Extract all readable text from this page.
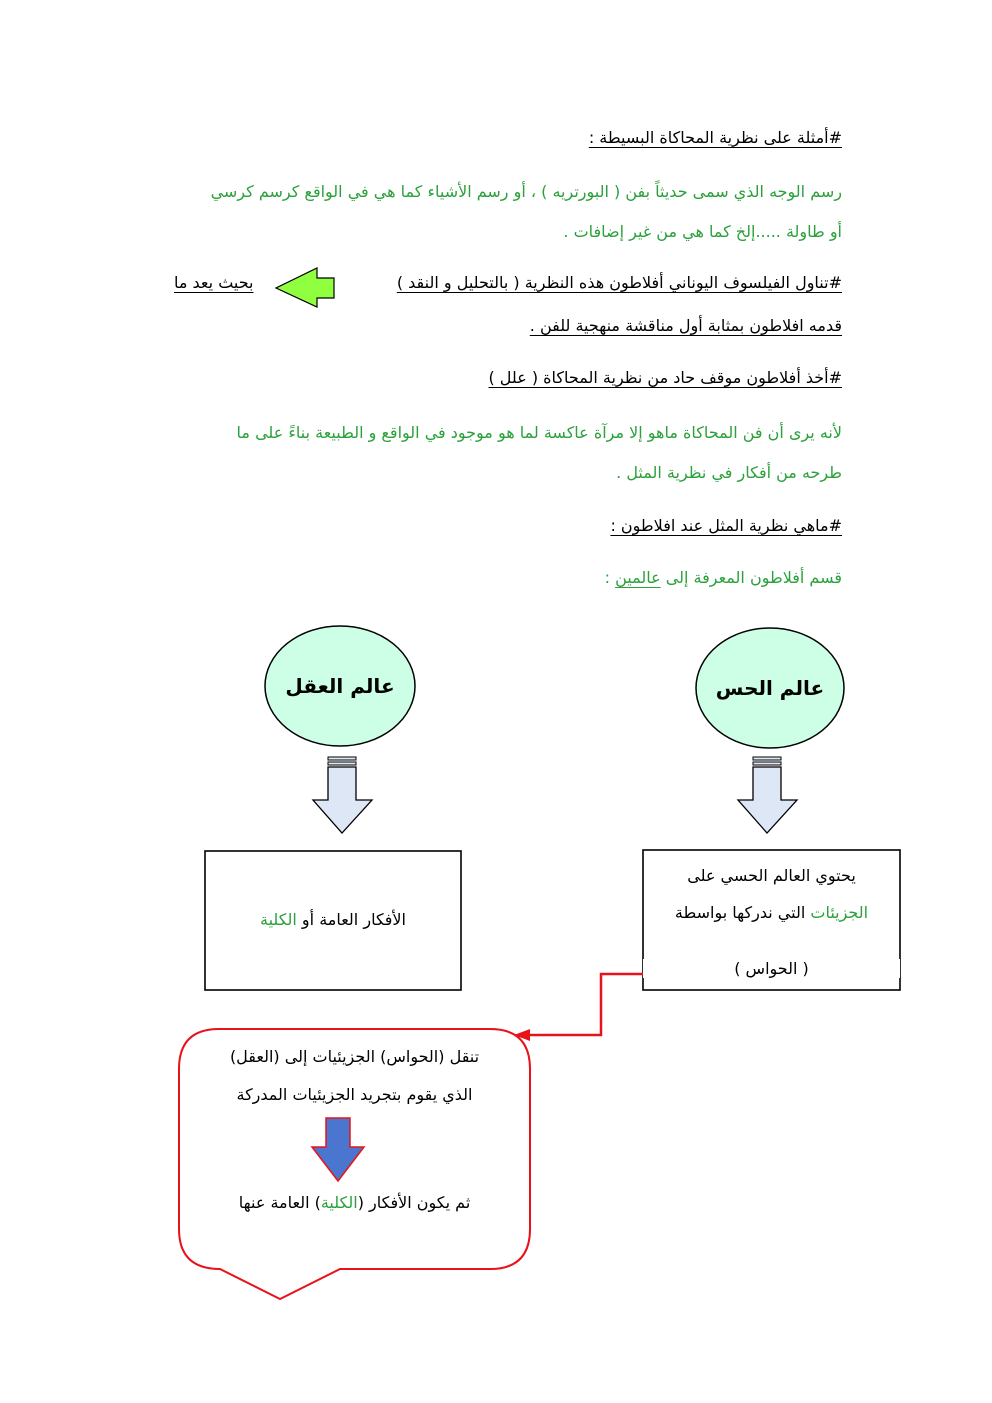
#أمثلة على نظرية المحاكاة البسيطة :
رسم الوجه الذي سمى حديثاً بفن ( البورتريه ) ، أو رسم الأشياء كما هي في الواقع كرسم كرسي
أو طاولة .....إلخ كما هي من غير إضافات .
#تناول الفيلسوف اليوناني أفلاطون هذه النظرية ( بالتحليل و النقد )
بحيث يعد ما
قدمه افلاطون بمثابة أول مناقشة منهجية للفن .
#أخذ أفلاطون موقف حاد من نظرية المحاكاة ( علل )
لأنه يرى أن فن المحاكاة ماهو إلا مرآة عاكسة لما هو موجود في الواقع و الطبيعة بناءً على ما
طرحه من أفكار في نظرية المثل .
#ماهي نظرية المثل عند افلاطون :
قسم أفلاطون المعرفة إلى عالمين :
عالم الحس
عالم العقل
يحتوي العالم الحسي على
الجزيئات التي ندركها بواسطة
( الحواس )
الأفكار العامة أو الكلية
تنقل (الحواس) الجزيئيات إلى (العقل)
الذي يقوم بتجريد الجزيئيات المدركة
ثم يكون الأفكار (الكلية) العامة عنها
